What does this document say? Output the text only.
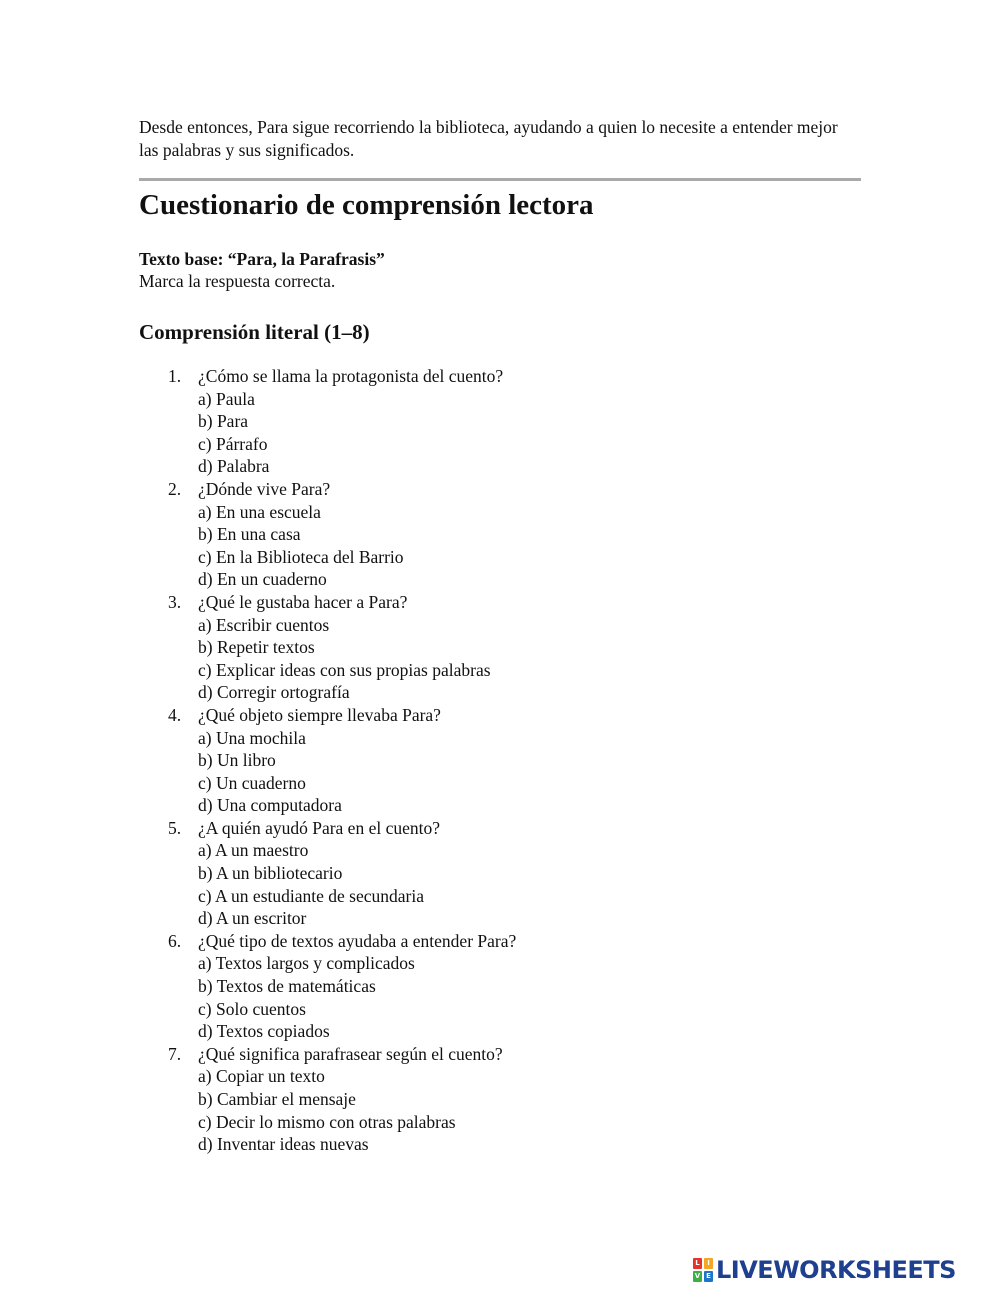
Desde entonces, Para sigue recorriendo la biblioteca, ayudando a quien lo necesite a entender mejor las palabras y sus significados.

Cuestionario de comprensión lectora
Texto base: “Para, la Parafrasis”
Marca la respuesta correcta.
Comprensión literal (1–8)
1. ¿Cómo se llama la protagonista del cuento?
a) Paula
b) Para
c) Párrafo
d) Palabra
2. ¿Dónde vive Para?
a) En una escuela
b) En una casa
c) En la Biblioteca del Barrio
d) En un cuaderno
3. ¿Qué le gustaba hacer a Para?
a) Escribir cuentos
b) Repetir textos
c) Explicar ideas con sus propias palabras
d) Corregir ortografía
4. ¿Qué objeto siempre llevaba Para?
a) Una mochila
b) Un libro
c) Un cuaderno
d) Una computadora
5. ¿A quién ayudó Para en el cuento?
a) A un maestro
b) A un bibliotecario
c) A un estudiante de secundaria
d) A un escritor
6. ¿Qué tipo de textos ayudaba a entender Para?
a) Textos largos y complicados
b) Textos de matemáticas
c) Solo cuentos
d) Textos copiados
7. ¿Qué significa parafrasear según el cuento?
a) Copiar un texto
b) Cambiar el mensaje
c) Decir lo mismo con otras palabras
d) Inventar ideas nuevas
L	I
V E LIVEWORKSHEETS
